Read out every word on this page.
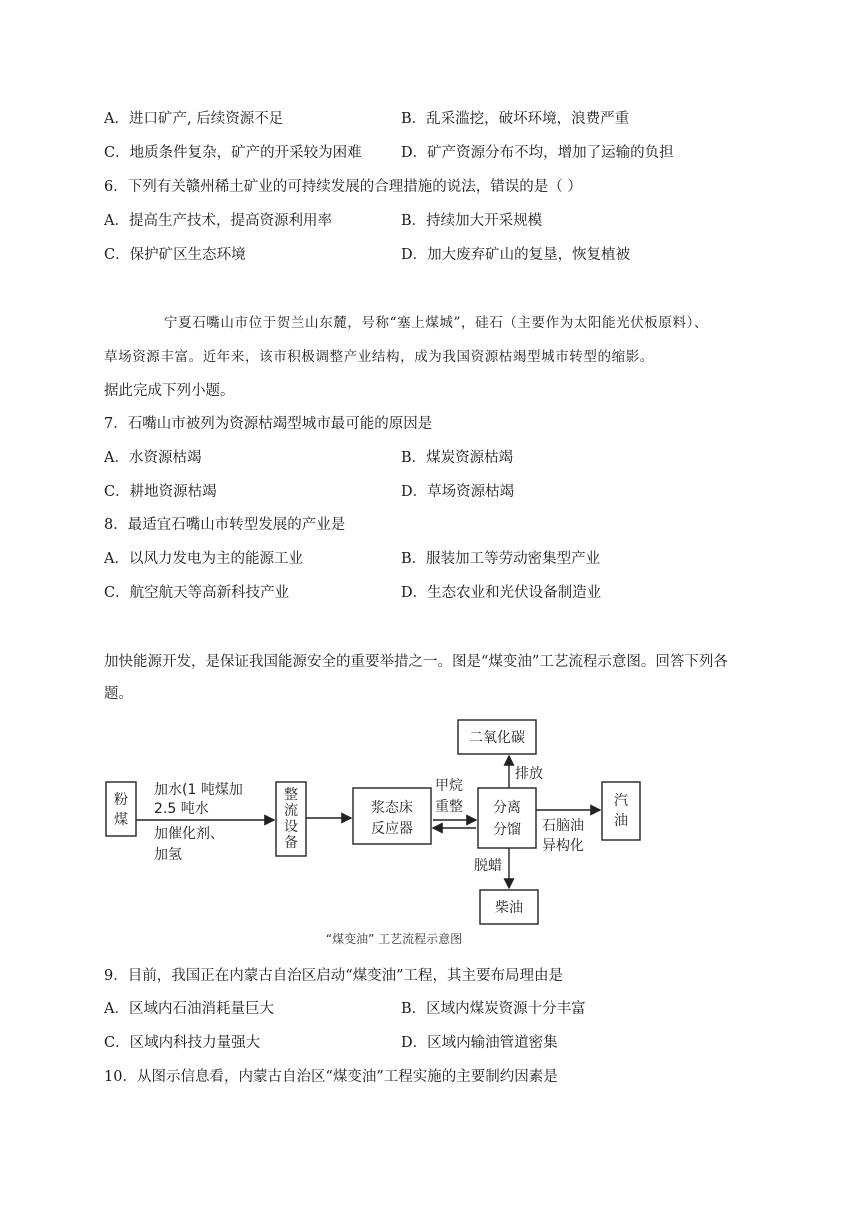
A．进口矿产, 后续资源不足	B．乱采滥挖，破坏环境，浪费严重
C．地质条件复杂，矿产的开采较为困难	D．矿产资源分布不均，增加了运输的负担
6．下列有关赣州稀土矿业的可持续发展的合理措施的说法，错误的是（ ）
A．提高生产技术，提高资源利用率	B．持续加大开采规模
C．保护矿区生态环境	D．加大废弃矿山的复垦，恢复植被
宁夏石嘴山市位于贺兰山东麓，号称“塞上煤城”，硅石（主要作为太阳能光伏板原料）、
草场资源丰富。近年来，该市积极调整产业结构，成为我国资源枯竭型城市转型的缩影。
据此完成下列小题。
7．石嘴山市被列为资源枯竭型城市最可能的原因是
A．水资源枯竭	B．煤炭资源枯竭
C．耕地资源枯竭	D．草场资源枯竭
8．最适宜石嘴山市转型发展的产业是
A．以风力发电为主的能源工业	B．服装加工等劳动密集型产业
C．航空航天等高新科技产业	D．生态农业和光伏设备制造业
加快能源开发，是保证我国能源安全的重要举措之一。图是“煤变油”工艺流程示意图。回答下列各
题。
粉
煤
加水(1 吨煤加
2.5 吨水
加催化剂、
加氢
整
流
设
备
浆态床
反应器
甲烷
重整 分离
分馏
排放
二氧化碳
石脑油
异构化
汽
油
脱蜡
柴油
“煤变油” 工艺流程示意图
9．目前，我国正在内蒙古自治区启动“煤变油”工程，其主要布局理由是
A．区域内石油消耗量巨大	B．区域内煤炭资源十分丰富
C．区域内科技力量强大	D．区域内输油管道密集
10．从图示信息看，内蒙古自治区“煤变油”工程实施的主要制约因素是
